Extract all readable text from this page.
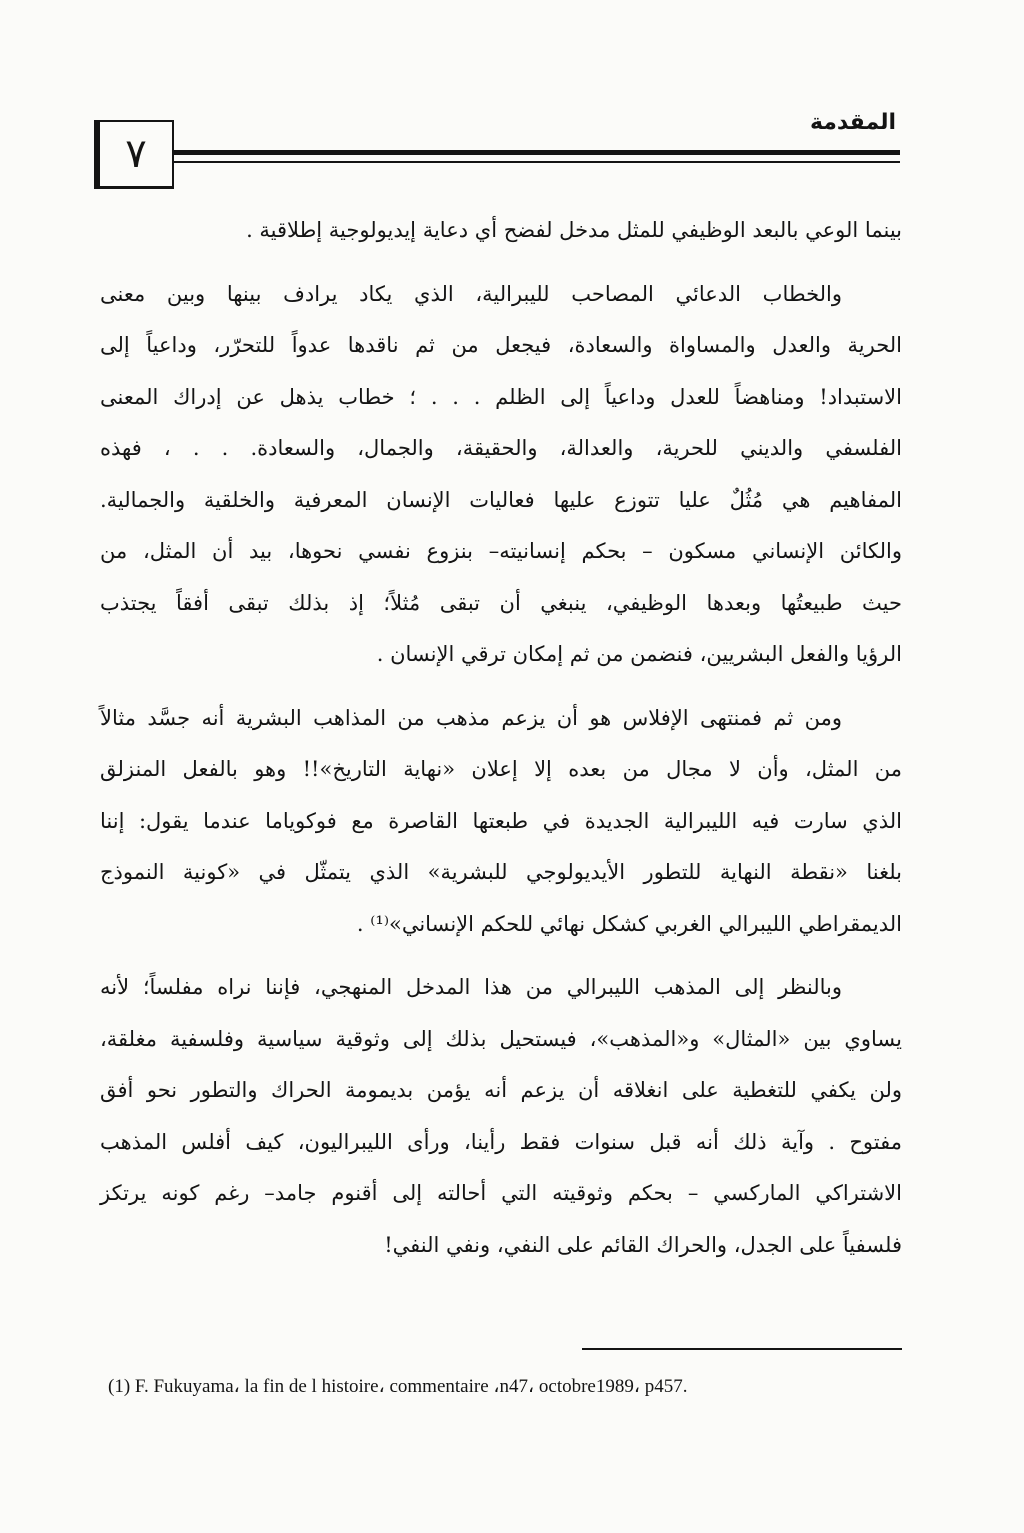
المقدمة
٧

بينما الوعي بالبعد الوظيفي للمثل مدخل لفضح أي دعاية إيديولوجية إطلاقية .

والخطاب الدعائي المصاحب لليبرالية، الذي يكاد يرادف بينها وبين معنى
الحرية والعدل والمساواة والسعادة، فيجعل من ثم ناقدها عدواً للتحرّر، وداعياً إلى
الاستبداد! ومناهضاً للعدل وداعياً إلى الظلم . . . ؛ خطاب يذهل عن إدراك المعنى
الفلسفي والديني للحرية، والعدالة، والحقيقة، والجمال، والسعادة. . . ، فهذه
المفاهيم هي مُثُلٌ عليا تتوزع عليها فعاليات الإنسان المعرفية والخلقية والجمالية.
والكائن الإنساني مسكون – بحكم إنسانيته– بنزوع نفسي نحوها، بيد أن المثل، من
حيث طبيعتُها وبعدها الوظيفي، ينبغي أن تبقى مُثلاً؛ إذ بذلك تبقى أفقاً يجتذب
الرؤيا والفعل البشريين، فنضمن من ثم إمكان ترقي الإنسان .

ومن ثم فمنتهى الإفلاس هو أن يزعم مذهب من المذاهب البشرية أنه جسَّد مثالاً
من المثل، وأن لا مجال من بعده إلا إعلان «نهاية التاريخ»!! وهو بالفعل المنزلق
الذي سارت فيه الليبرالية الجديدة في طبعتها القاصرة مع فوكوياما عندما يقول: إننا
بلغنا «نقطة النهاية للتطور الأيديولوجي للبشرية» الذي يتمثّل في «كونية النموذج
الديمقراطي الليبرالي الغربي كشكل نهائي للحكم الإنساني»⁽¹⁾ .

وبالنظر إلى المذهب الليبرالي من هذا المدخل المنهجي، فإننا نراه مفلساً؛ لأنه
يساوي بين «المثال» و«المذهب»، فيستحيل بذلك إلى وثوقية سياسية وفلسفية مغلقة،
ولن يكفي للتغطية على انغلاقه أن يزعم أنه يؤمن بديمومة الحراك والتطور نحو أفق
مفتوح . وآية ذلك أنه قبل سنوات فقط رأينا، ورأى الليبراليون، كيف أفلس المذهب
الاشتراكي الماركسي – بحكم وثوقيته التي أحالته إلى أقنوم جامد– رغم كونه يرتكز
فلسفياً على الجدل، والحراك القائم على النفي، ونفي النفي!

(1) F. Fukuyama، la fin de l histoire، commentaire ،n47، octobre1989، p457.
